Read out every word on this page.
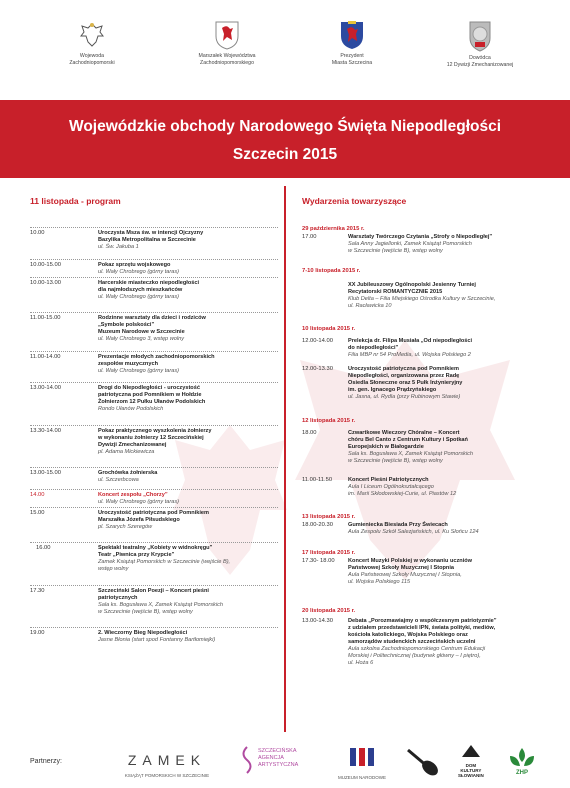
Wojewoda
Zachodniopomorski
Marszałek Województwa
Zachodniopomorskiego
Prezydent
Miasta Szczecina
Dowódca
12 Dywizji Zmechanizowanej
Wojewódzkie obchody Narodowego Święta Niepodległości
Szczecin 2015
11 listopada - program
10.00	Uroczysta Msza św. w intencji Ojczyzny
Bazylika Metropolitalna w Szczecinie
ul. Św. Jakuba 1

10.00-15.00	Pokaz sprzętu wojskowego
ul. Wały Chrobrego (górny taras)

10.00-13.00	Harcerskie miasteczko niepodległości
dla najmłodszych mieszkańców
ul. Wały Chrobrego (górny taras)

11.00-15.00	Rodzinne warsztaty dla dzieci i rodziców
„Symbole polskości”
Muzeum Narodowe w Szczecinie
ul. Wały Chrobrego 3, wstęp wolny

11.00-14.00	Prezentacje młodych zachodniopomorskich
zespołów muzycznych
ul. Wały Chrobrego (górny taras)

13.00-14.00	Drogi do Niepodległości - uroczystość
patriotyczna pod Pomnikiem w Hołdzie
Żołnierzom 12 Pułku Ułanów Podolskich
Rondo Ułanów Podolskich

13.30-14.00	Pokaz praktycznego wyszkolenia żołnierzy
w wykonaniu żołnierzy 12 Szczecińskiej
Dywizji Zmechanizowanej
pl. Adama Mickiewicza

13.00-15.00	Grochówka żołnierska
ul. Szczerbcowa

14.00	Koncert zespołu „Chorzy”
ul. Wały Chrobrego (górny taras)

15.00	Uroczystość patriotyczna pod Pomnikiem
Marszałka Józefa Piłsudskiego
pl. Szarych Szeregów

16.00	Spektakl teatralny „Kobiety w widnokręgu”
Teatr „Piwnica przy Krypcie”
Zamek Książąt Pomorskich w Szczecinie (wejście B),
wstęp wolny

17.30	Szczeciński Salon Poezji – Koncert pieśni
patriotycznych
Sala ks. Bogusława X, Zamek Książąt Pomorskich
w Szczecinie (wejście B), wstęp wolny

19.00	2. Wieczorny Bieg Niepodległości
Jasne Błonia (start spod Fontanny Bartłomiejki)

Wydarzenia towarzyszące
29 października 2015 r.
17.00	Warsztaty Twórczego Czytania „Strofy o Niepodległej”
Sala Anny Jagiellonki, Zamek Książąt Pomorskich
w Szczecinie (wejście B), wstęp wolny

7-10 listopada 2015 r.
XX Jubileuszowy Ogólnopolski Jesienny Turniej
Recytatorski ROMANTYCZNIE 2015
Klub Delta – Filia Miejskiego Ośrodka Kultury w Szczecinie,
ul. Racławicka 10

10 listopada 2015 r.
12.00-14.00	Prelekcja dr. Filipa Musiała „Od niepodległości
do niepodległości”
Filia MBP nr 54 ProMedia, ul. Wojska Polskiego 2

12.00-13.30	Uroczystość patriotyczna pod Pomnikiem
Niepodległości, organizowana przez Radę
Osiedla Słoneczne oraz 5 Pułk Inżynieryjny
im. gen. Ignacego Prądzyńskiego
ul. Jasna, ul. Rydla (przy Rubinowym Stawie)

12 listopada 2015 r.
18.00	Czwartkowe Wieczory Chóralne – Koncert
chóru Bel Canto z Centrum Kultury i Spotkań
Europejskich w Białogardzie
Sala ks. Bogusława X, Zamek Książąt Pomorskich
w Szczecinie (wejście B), wstęp wolny

11.00-11.50	Koncert Pieśni Patriotycznych
Aula I Liceum Ogólnokształcącego
im. Marii Skłodowskiej-Curie, ul. Piastów 12

13 listopada 2015 r.
18.00-20.30	Gumieniecka Biesiada Przy Świecach
Aula Zespołu Szkół Salezjańskich, ul. Ku Słońcu 124

17 listopada 2015 r.
17.30- 18.00 Koncert Muzyki Polskiej w wykonaniu uczniów
Państwowej Szkoły Muzycznej I Stopnia
Aula Państwowej Szkoły Muzycznej I Stopnia,
ul. Wojska Polskiego 115

20 listopada 2015 r.
13.00-14.30	Debata „Porozmawiajmy o współczesnym patriotyzmie”
z udziałem przedstawicieli IPN, świata polityki, mediów,
kościoła katolickiego, Wojska Polskiego oraz
samorządów studenckich szczecińskich uczelni
Aula szkolna Zachodniopomorskiego Centrum Edukacji
Morskiej i Politechnicznej (budynek główny – I piętro),
ul. Hoża 6

Partnerzy:	ZAMEK
KSIĄŻĄT POMORSKICH W SZCZECINIE
SZCZECIŃSKA
AGENCJA
ARTYSTYCZNA
MUZEUM NARODOWE
DOM
KULTURY
SŁOWIANIN	ZHP
